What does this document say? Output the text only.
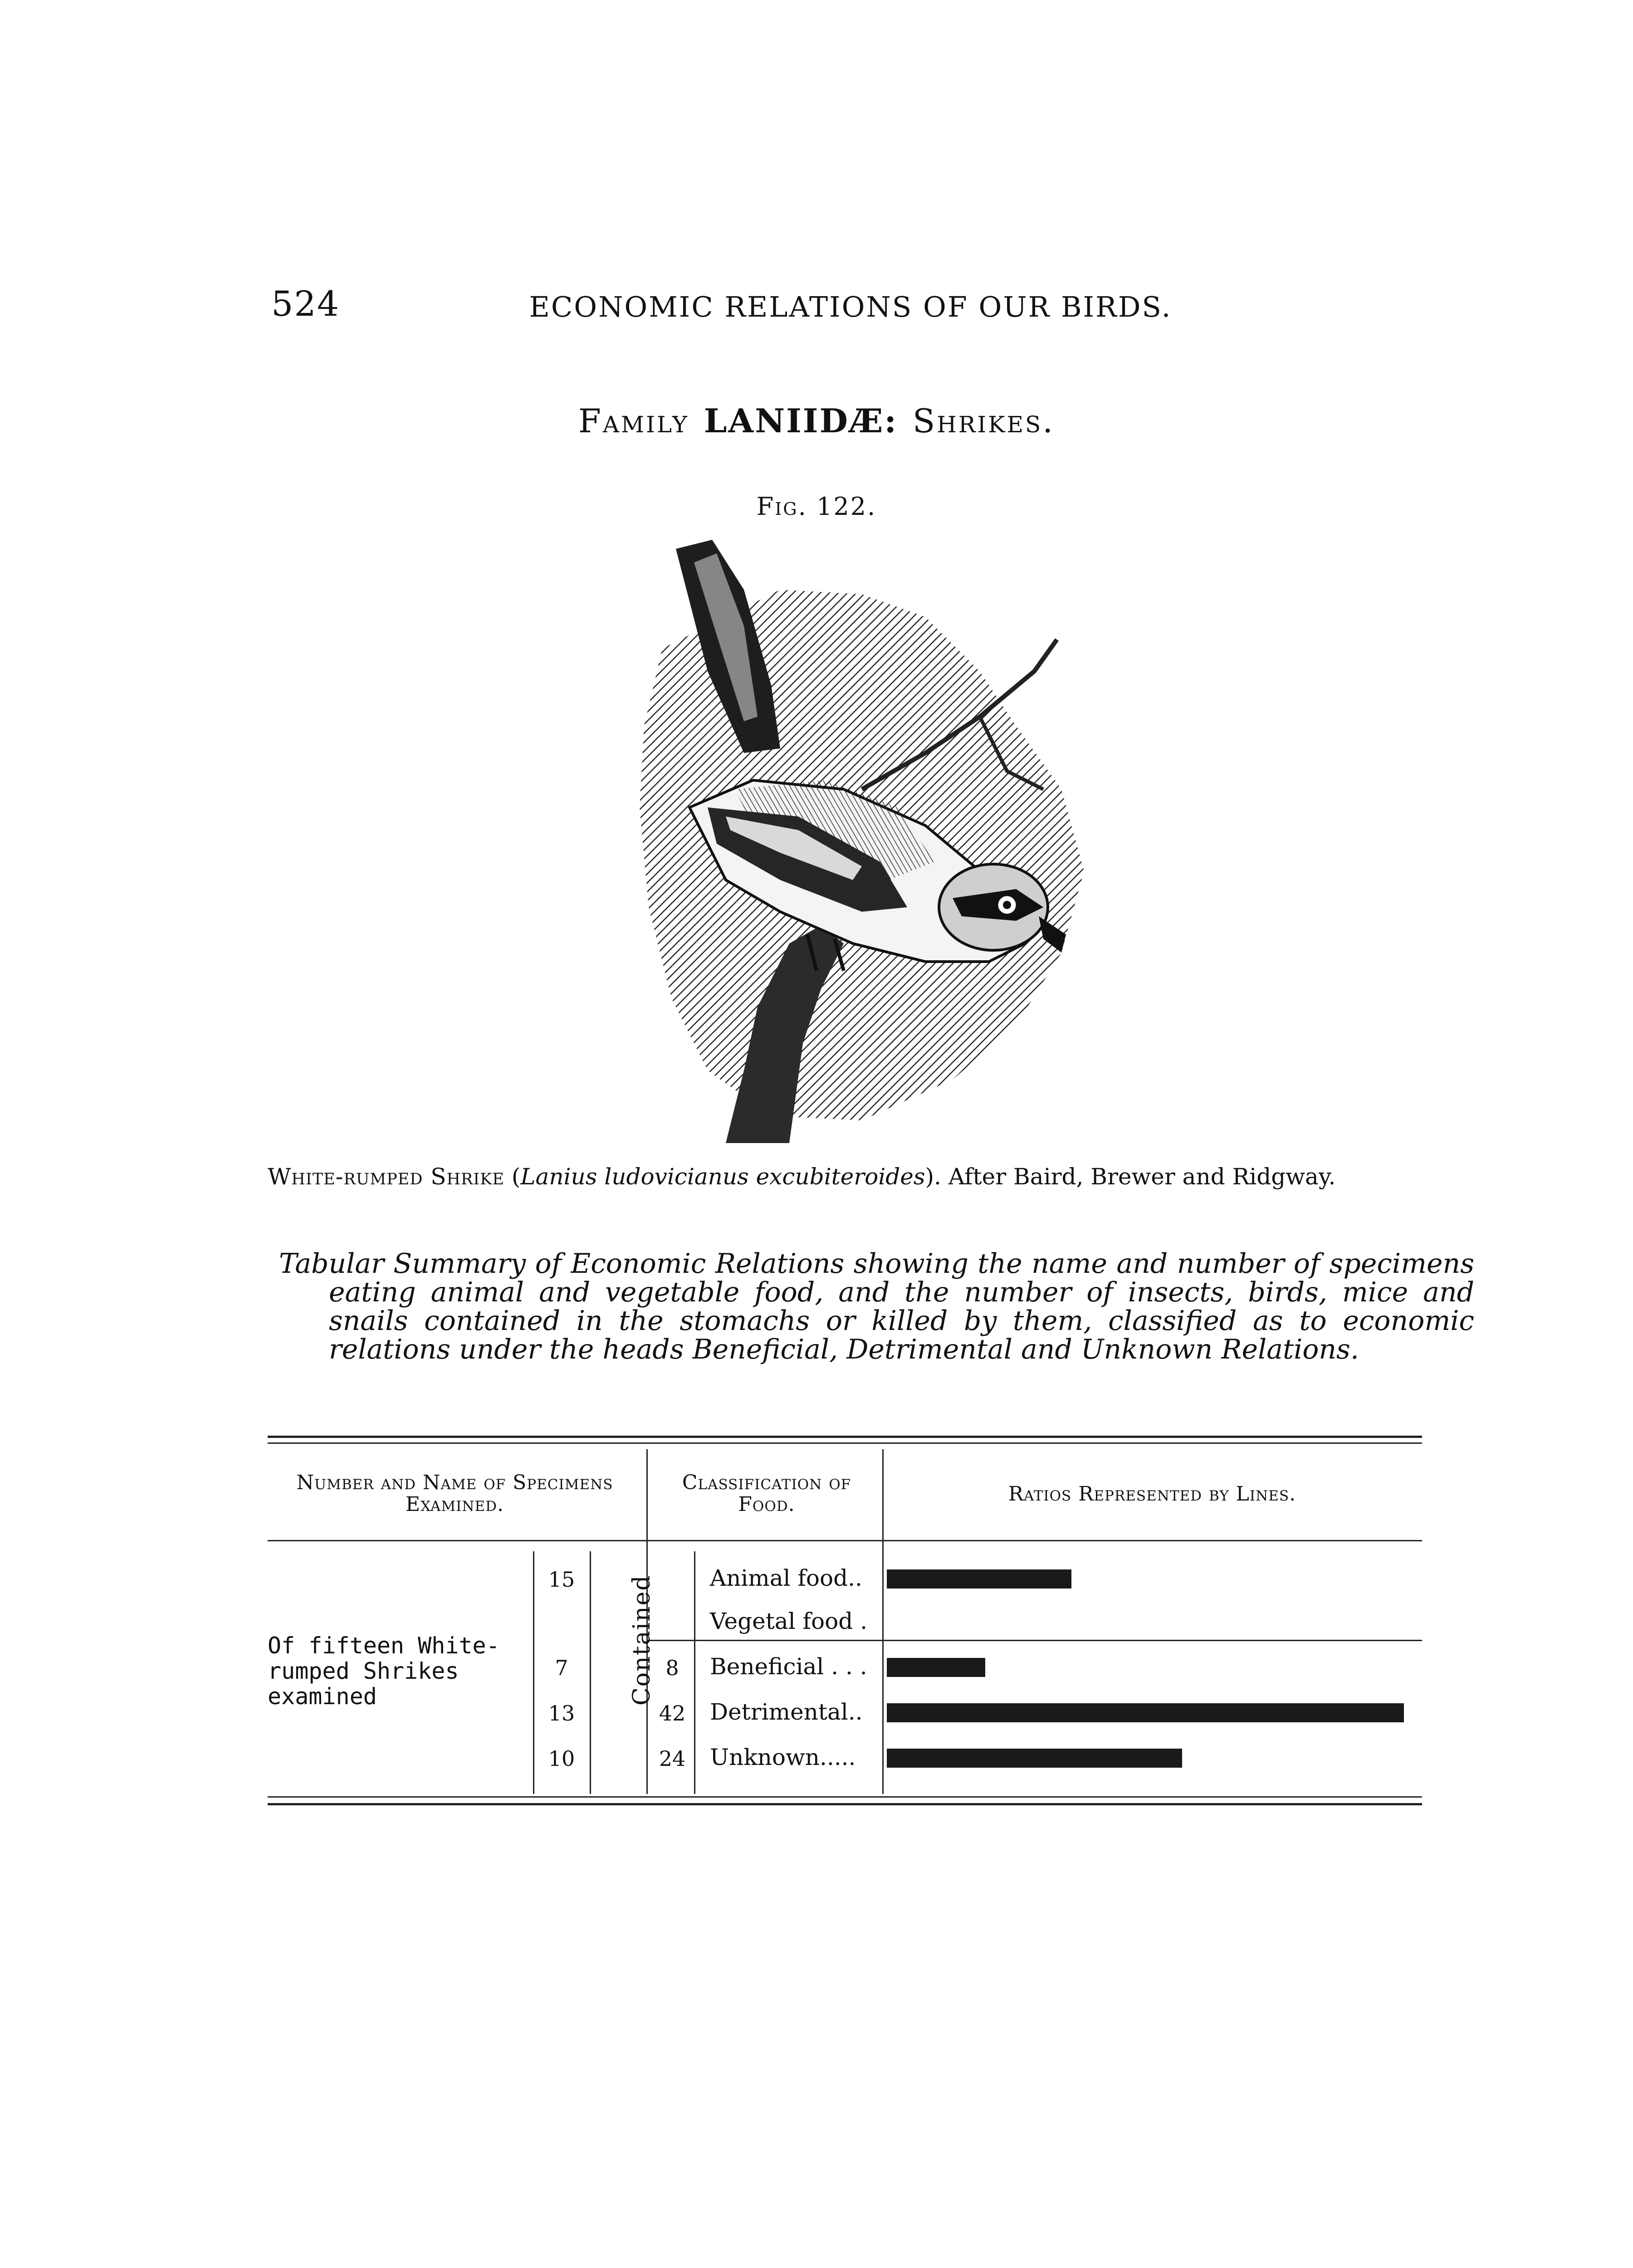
524	ECONOMIC RELATIONS OF OUR BIRDS.
Family LANIIDÆ: Shrikes.
Fig. 122.
White-rumped Shrike (Lanius ludovicianus excubiteroides). After Baird, Brewer and Ridgway.
Tabular Summary of Economic Relations showing the name and number of specimens eating animal and vegetable food, and the number of insects, birds, mice and snails contained in the stomachs or killed by them, classified as to economic relations under the heads Beneficial, Detrimental and Unknown Relations.
Number and Name of Specimens Examined.
Classification of Food.	Ratios Represented by Lines.
Of fifteen White-rumped Shrikes examined	Contained
15	Animal food..
Vegetal food .
7	8	Beneficial . . .
13	42	Detrimental..
10	24	Unknown.....
